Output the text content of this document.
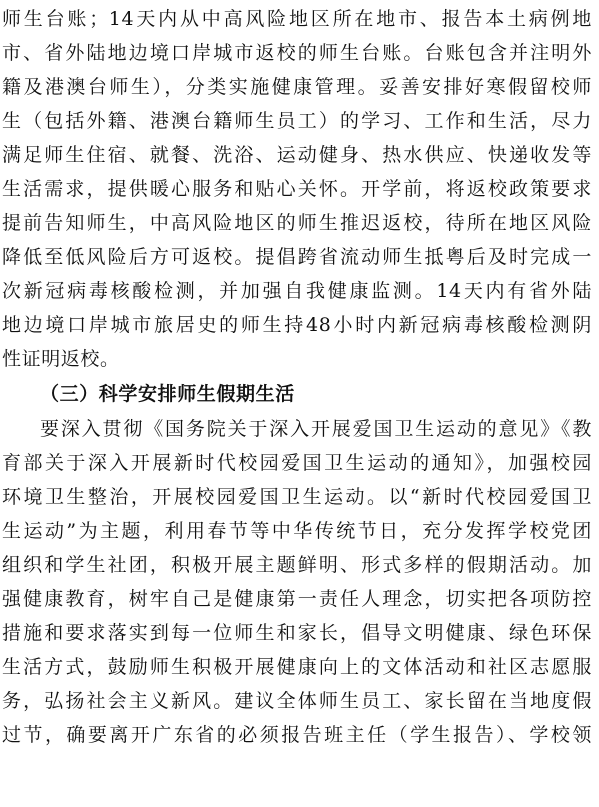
师生台账；14天内从中高风险地区所在地市、报告本土病例地
市、省外陆地边境口岸城市返校的师生台账。台账包含并注明外
籍及港澳台师生），分类实施健康管理。妥善安排好寒假留校师
生（包括外籍、港澳台籍师生员工）的学习、工作和生活，尽力
满足师生住宿、就餐、洗浴、运动健身、热水供应、快递收发等
生活需求，提供暖心服务和贴心关怀。开学前，将返校政策要求
提前告知师生，中高风险地区的师生推迟返校，待所在地区风险
降低至低风险后方可返校。提倡跨省流动师生抵粤后及时完成一
次新冠病毒核酸检测，并加强自我健康监测。14天内有省外陆
地边境口岸城市旅居史的师生持48小时内新冠病毒核酸检测阴
性证明返校。
（三）科学安排师生假期生活
要深入贯彻《国务院关于深入开展爱国卫生运动的意见》《教
育部关于深入开展新时代校园爱国卫生运动的通知》，加强校园
环境卫生整治，开展校园爱国卫生运动。以“新时代校园爱国卫
生运动”为主题，利用春节等中华传统节日，充分发挥学校党团
组织和学生社团，积极开展主题鲜明、形式多样的假期活动。加
强健康教育，树牢自己是健康第一责任人理念，切实把各项防控
措施和要求落实到每一位师生和家长，倡导文明健康、绿色环保
生活方式，鼓励师生积极开展健康向上的文体活动和社区志愿服
务，弘扬社会主义新风。建议全体师生员工、家长留在当地度假
过节，确要离开广东省的必须报告班主任（学生报告）、学校领
